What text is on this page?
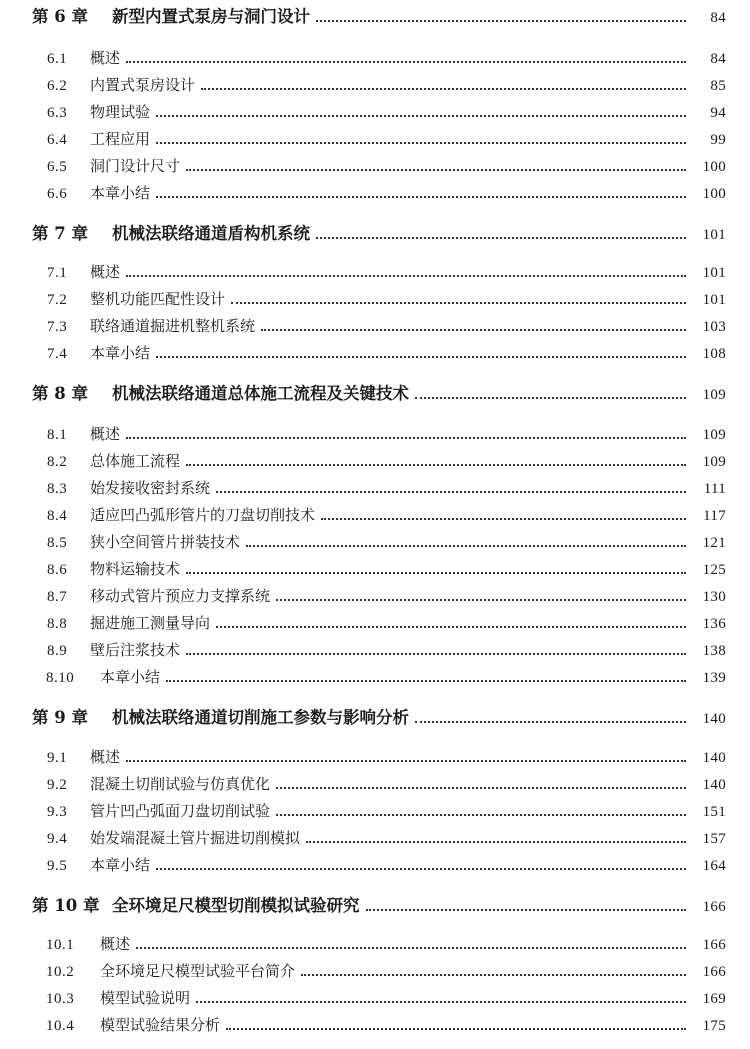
第 6 章 新型内置式泵房与洞门设计	84
6.1 概述	84
6.2 内置式泵房设计	85
6.3 物理试验	94
6.4 工程应用	99
6.5 洞门设计尺寸	100
6.6 本章小结	100
第 7 章 机械法联络通道盾构机系统	101
7.1 概述	101
7.2 整机功能匹配性设计	101
7.3 联络通道掘进机整机系统	103
7.4 本章小结	108
第 8 章 机械法联络通道总体施工流程及关键技术	109
8.1 概述	109
8.2 总体施工流程	109
8.3 始发接收密封系统	111
8.4 适应凹凸弧形管片的刀盘切削技术	117
8.5 狭小空间管片拼装技术	121
8.6 物料运输技术	125
8.7 移动式管片预应力支撑系统	130
8.8 掘进施工测量导向	136
8.9 壁后注浆技术	138
8.10 本章小结	139
第 9 章 机械法联络通道切削施工参数与影响分析	140
9.1 概述	140
9.2 混凝土切削试验与仿真优化	140
9.3 管片凹凸弧面刀盘切削试验	151
9.4 始发端混凝土管片掘进切削模拟	157
9.5 本章小结	164
第 10 章 全环境足尺模型切削模拟试验研究	166
10.1 概述	166
10.2 全环境足尺模型试验平台简介	166
10.3 模型试验说明	169
10.4 模型试验结果分析	175
